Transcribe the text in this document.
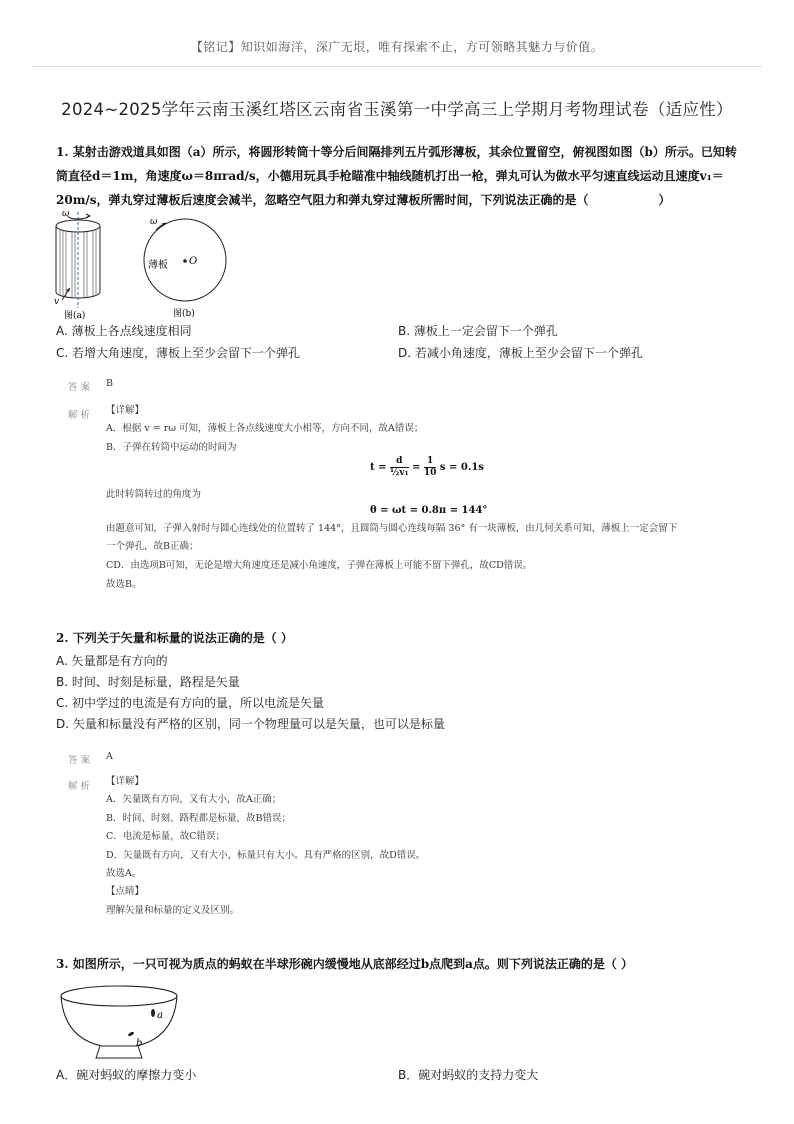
【铭记】知识如海洋，深广无垠，唯有探索不止，方可领略其魅力与价值。
2024~2025学年云南玉溪红塔区云南省玉溪第一中学高三上学期月考物理试卷（适应性）
1. 某射击游戏道具如图（a）所示，将圆形转筒十等分后间隔排列五片弧形薄板，其余位置留空，俯视图如图（b）所示。已知转
筒直径d＝1m，角速度ω＝8πrad/s，小德用玩具手枪瞄准中轴线随机打出一枪，弹丸可认为做水平匀速直线运动且速度v₁＝
20m/s，弹丸穿过薄板后速度会减半，忽略空气阻力和弹丸穿过薄板所需时间，下列说法正确的是（	）
ω
v
图(a)
ω
薄板 O
图(b)
A. 薄板上各点线速度相同	B. 薄板上一定会留下一个弹孔
C. 若增大角速度，薄板上至少会留下一个弹孔	D. 若减小角速度，薄板上至少会留下一个弹孔
答 案 B
解 析 【详解】
A．根据 v = rω 可知，薄板上各点线速度大小相等，方向不同，故A错误；
B．子弹在转筒中运动的时间为
$t = \frac{d}{\text{½v₁}} = \frac{1}{10}$ s = 0.1s
此时转筒转过的角度为
θ = ωt = 0.8π = 144°
由题意可知，子弹入射时与圆心连线处的位置转了 144°，且圆筒与圆心连线每隔 36° 有一块薄板，由几何关系可知，薄板上一定会留下
一个弹孔，故B正确；
CD．由选项B可知，无论是增大角速度还是减小角速度，子弹在薄板上可能不留下弹孔，故CD错误。
故选B。
2. 下列关于矢量和标量的说法正确的是（ ）
A. 矢量都是有方向的
B. 时间、时刻是标量，路程是矢量
C. 初中学过的电流是有方向的量，所以电流是矢量
D. 矢量和标量没有严格的区别，同一个物理量可以是矢量，也可以是标量
答 案 A
解 析 【详解】
A．矢量既有方向，又有大小，故A正确；
B．时间、时刻、路程都是标量，故B错误；
C．电流是标量，故C错误；
D．矢量既有方向，又有大小，标量只有大小。具有严格的区别，故D错误。
故选A。
【点睛】
理解矢量和标量的定义及区别。
3. 如图所示，一只可视为质点的蚂蚁在半球形碗内缓慢地从底部经过b点爬到a点。则下列说法正确的是（ ）
a
b
A．碗对蚂蚁的摩擦力变小	B．碗对蚂蚁的支持力变大
